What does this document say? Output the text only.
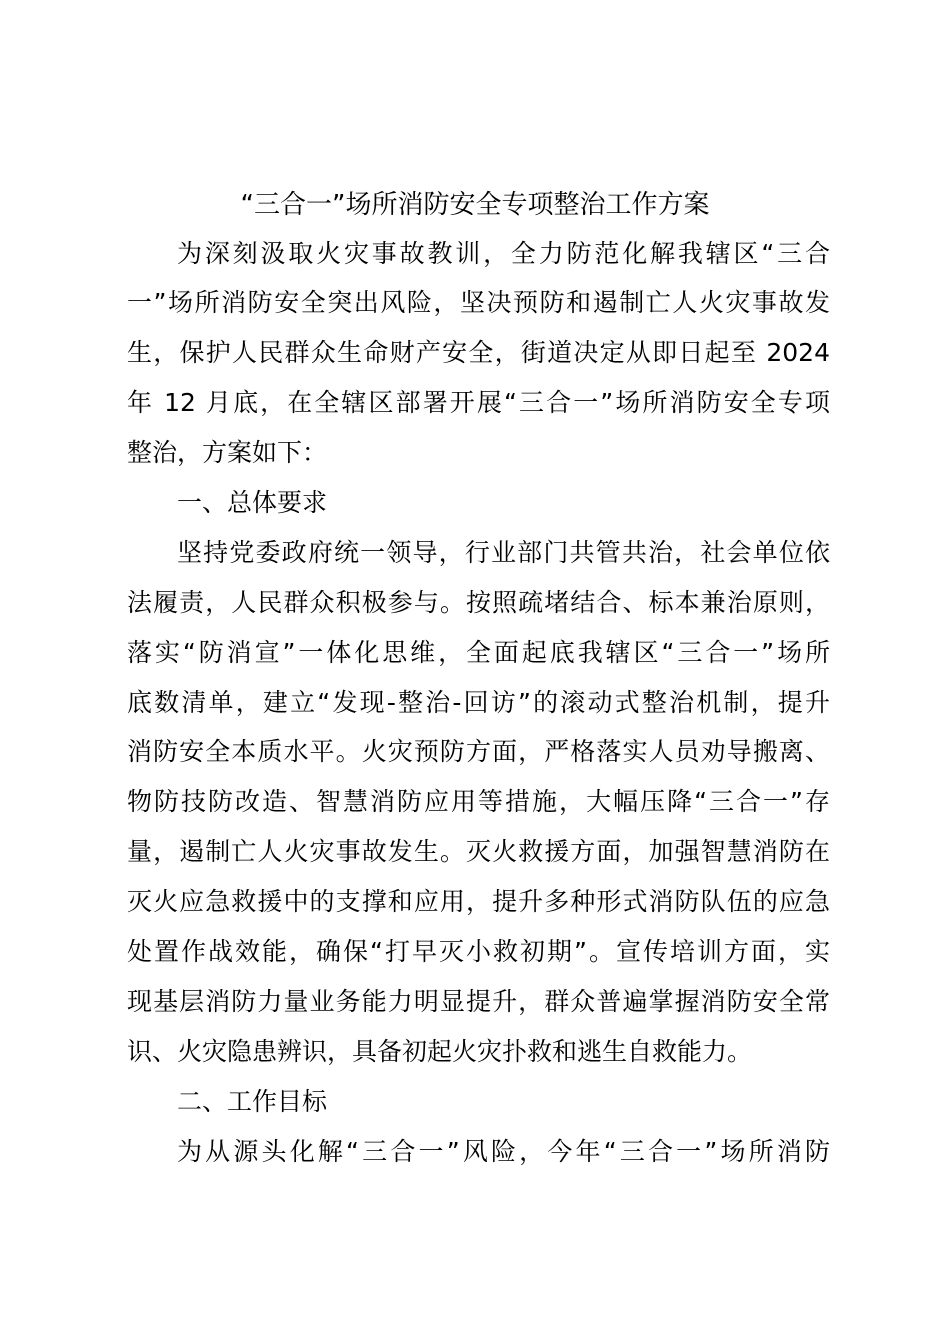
“三合一”场所消防安全专项整治工作方案
为深刻汲取火灾事故教训，全力防范化解我辖区“三合
一”场所消防安全突出风险，坚决预防和遏制亡人火灾事故发
生，保护人民群众生命财产安全，街道决定从即日起至 2024
年 12 月底，在全辖区部署开展“三合一”场所消防安全专项
整治，方案如下：
一、总体要求
坚持党委政府统一领导，行业部门共管共治，社会单位依
法履责，人民群众积极参与。按照疏堵结合、标本兼治原则，
落实“防消宣”一体化思维，全面起底我辖区“三合一”场所
底数清单，建立“发现-整治-回访”的滚动式整治机制，提升
消防安全本质水平。火灾预防方面，严格落实人员劝导搬离、
物防技防改造、智慧消防应用等措施，大幅压降“三合一”存
量，遏制亡人火灾事故发生。灭火救援方面，加强智慧消防在
灭火应急救援中的支撑和应用，提升多种形式消防队伍的应急
处置作战效能，确保“打早灭小救初期”。宣传培训方面，实
现基层消防力量业务能力明显提升，群众普遍掌握消防安全常
识、火灾隐患辨识，具备初起火灾扑救和逃生自救能力。
二、工作目标
为从源头化解“三合一”风险，今年“三合一”场所消防
